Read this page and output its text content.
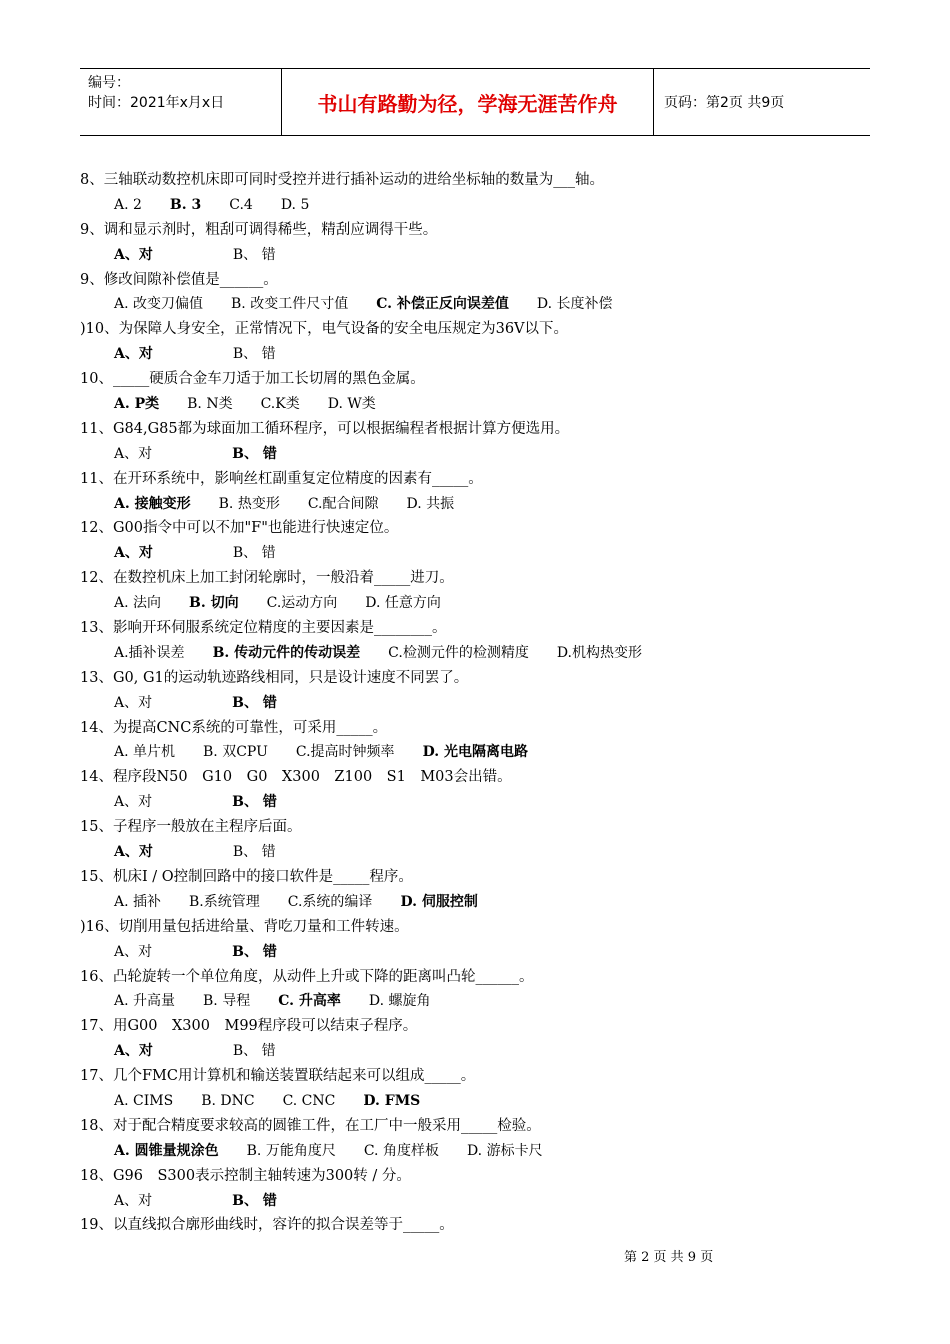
编号：
时间：2021年x月x日	书山有路勤为径，学海无涯苦作舟	页码：第2页 共9页
8、三轴联动数控机床即可同时受控并进行插补运动的进给坐标轴的数量为___轴。
A. 2 B. 3 C.4 D. 5
9、调和显示剂时，粗刮可调得稀些，精刮应调得干些。
A、对	B、 错
9、修改间隙补偿值是______。
A. 改变刀偏值 B. 改变工件尺寸值 C. 补偿正反向误差值 D. 长度补偿
)10、为保障人身安全，正常情况下，电气设备的安全电压规定为36V以下。
A、对	B、 错
10、_____硬质合金车刀适于加工长切屑的黑色金属。
A. P类 B. N类 C.K类 D. W类
11、G84,G85都为球面加工循环程序，可以根据编程者根据计算方便选用。
A、对	B、 错
11、在开环系统中，影响丝杠副重复定位精度的因素有_____。
A. 接触变形 B. 热变形 C.配合间隙 D. 共振
12、G00指令中可以不加"F"也能进行快速定位。
A、对	B、 错
12、在数控机床上加工封闭轮廓时，一般沿着_____进刀。
A. 法向 B. 切向 C.运动方向 D. 任意方向
13、影响开环伺服系统定位精度的主要因素是________。
A.插补误差 B. 传动元件的传动误差 C.检测元件的检测精度 D.机构热变形
13、G0, G1的运动轨迹路线相同，只是设计速度不同罢了。
A、对	B、 错
14、为提高CNC系统的可靠性，可采用_____。
A. 单片机 B. 双CPU C.提高时钟频率 D. 光电隔离电路
14、程序段N50　G10　G0　X300　Z100　S1　M03会出错。
A、对	B、 错
15、子程序一般放在主程序后面。
A、对	B、 错
15、机床I / O控制回路中的接口软件是_____程序。
A. 插补 B.系统管理 C.系统的编译 D. 伺服控制
)16、切削用量包括进给量、背吃刀量和工件转速。
A、对	B、 错
16、凸轮旋转一个单位角度，从动件上升或下降的距离叫凸轮______。
A. 升高量 B. 导程 C. 升高率 D. 螺旋角
17、用G00　X300　M99程序段可以结束子程序。
A、对	B、 错
17、几个FMC用计算机和输送装置联结起来可以组成_____。
A. CIMS B. DNC C. CNC D. FMS
18、对于配合精度要求较高的圆锥工件，在工厂中一般采用_____检验。
A. 圆锥量规涂色 B. 万能角度尺 C. 角度样板 D. 游标卡尺
18、G96　S300表示控制主轴转速为300转 / 分。
A、对	B、 错
19、以直线拟合廓形曲线时，容许的拟合误差等于_____。
第 2 页 共 9 页
